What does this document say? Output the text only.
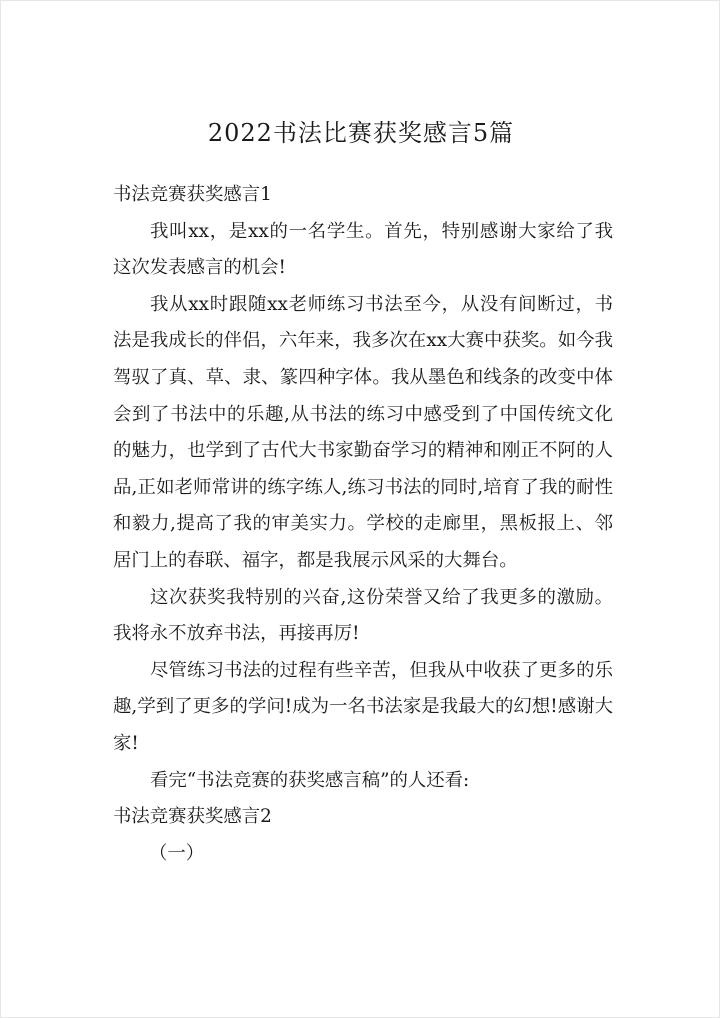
2022书法比赛获奖感言5篇

书法竞赛获奖感言1

我叫xx，是xx的一名学生。首先，特别感谢大家给了我这次发表感言的机会!

我从xx时跟随xx老师练习书法至今，从没有间断过，书法是我成长的伴侣，六年来，我多次在xx大赛中获奖。如今我驾驭了真、草、隶、篆四种字体。我从墨色和线条的改变中体会到了书法中的乐趣,从书法的练习中感受到了中国传统文化的魅力，也学到了古代大书家勤奋学习的精神和刚正不阿的人品,正如老师常讲的练字练人,练习书法的同时,培育了我的耐性和毅力,提高了我的审美实力。学校的走廊里，黑板报上、邻居门上的春联、福字，都是我展示风采的大舞台。

这次获奖我特别的兴奋,这份荣誉又给了我更多的激励。我将永不放弃书法，再接再厉!

尽管练习书法的过程有些辛苦，但我从中收获了更多的乐趣,学到了更多的学问!成为一名书法家是我最大的幻想!感谢大家!

看完“书法竞赛的获奖感言稿”的人还看:

书法竞赛获奖感言2

（一）
